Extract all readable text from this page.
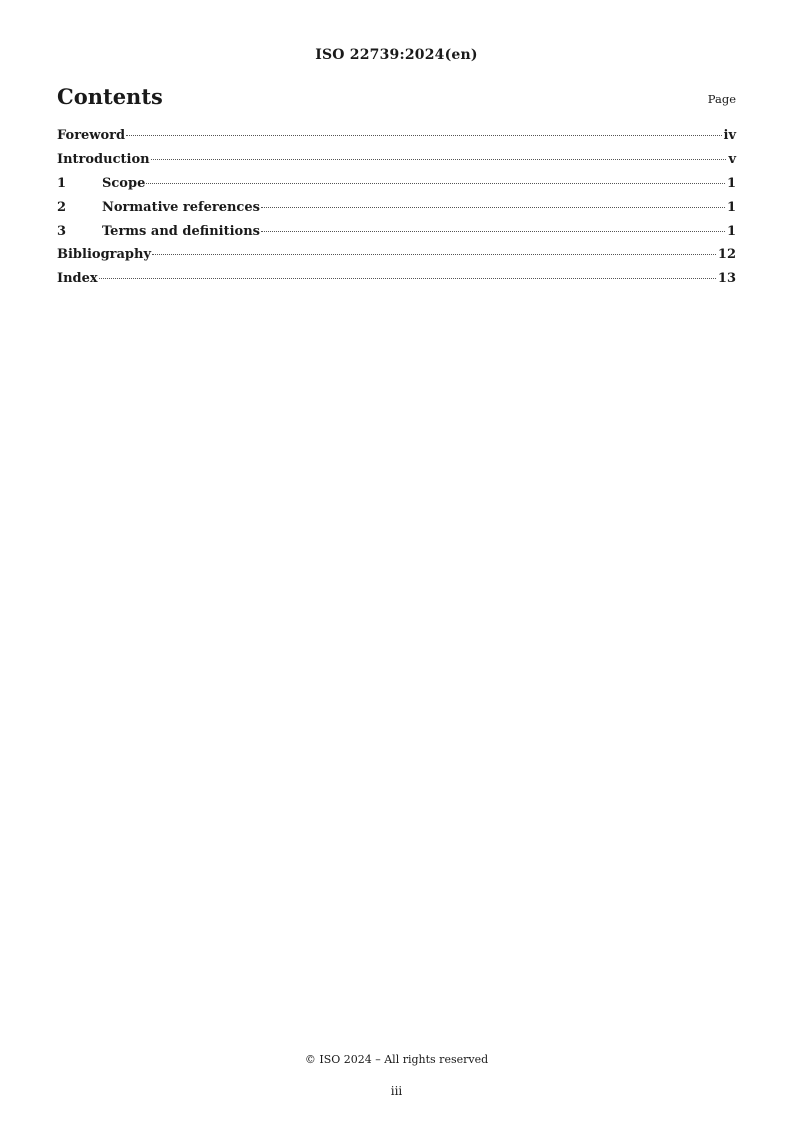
ISO 22739:2024(en)
Contents	Page
Foreword	iv
Introduction	v
1	Scope	1
2	Normative references	1
3	Terms and definitions	1
Bibliography	12
Index	13
© ISO 2024 – All rights reserved
iii
